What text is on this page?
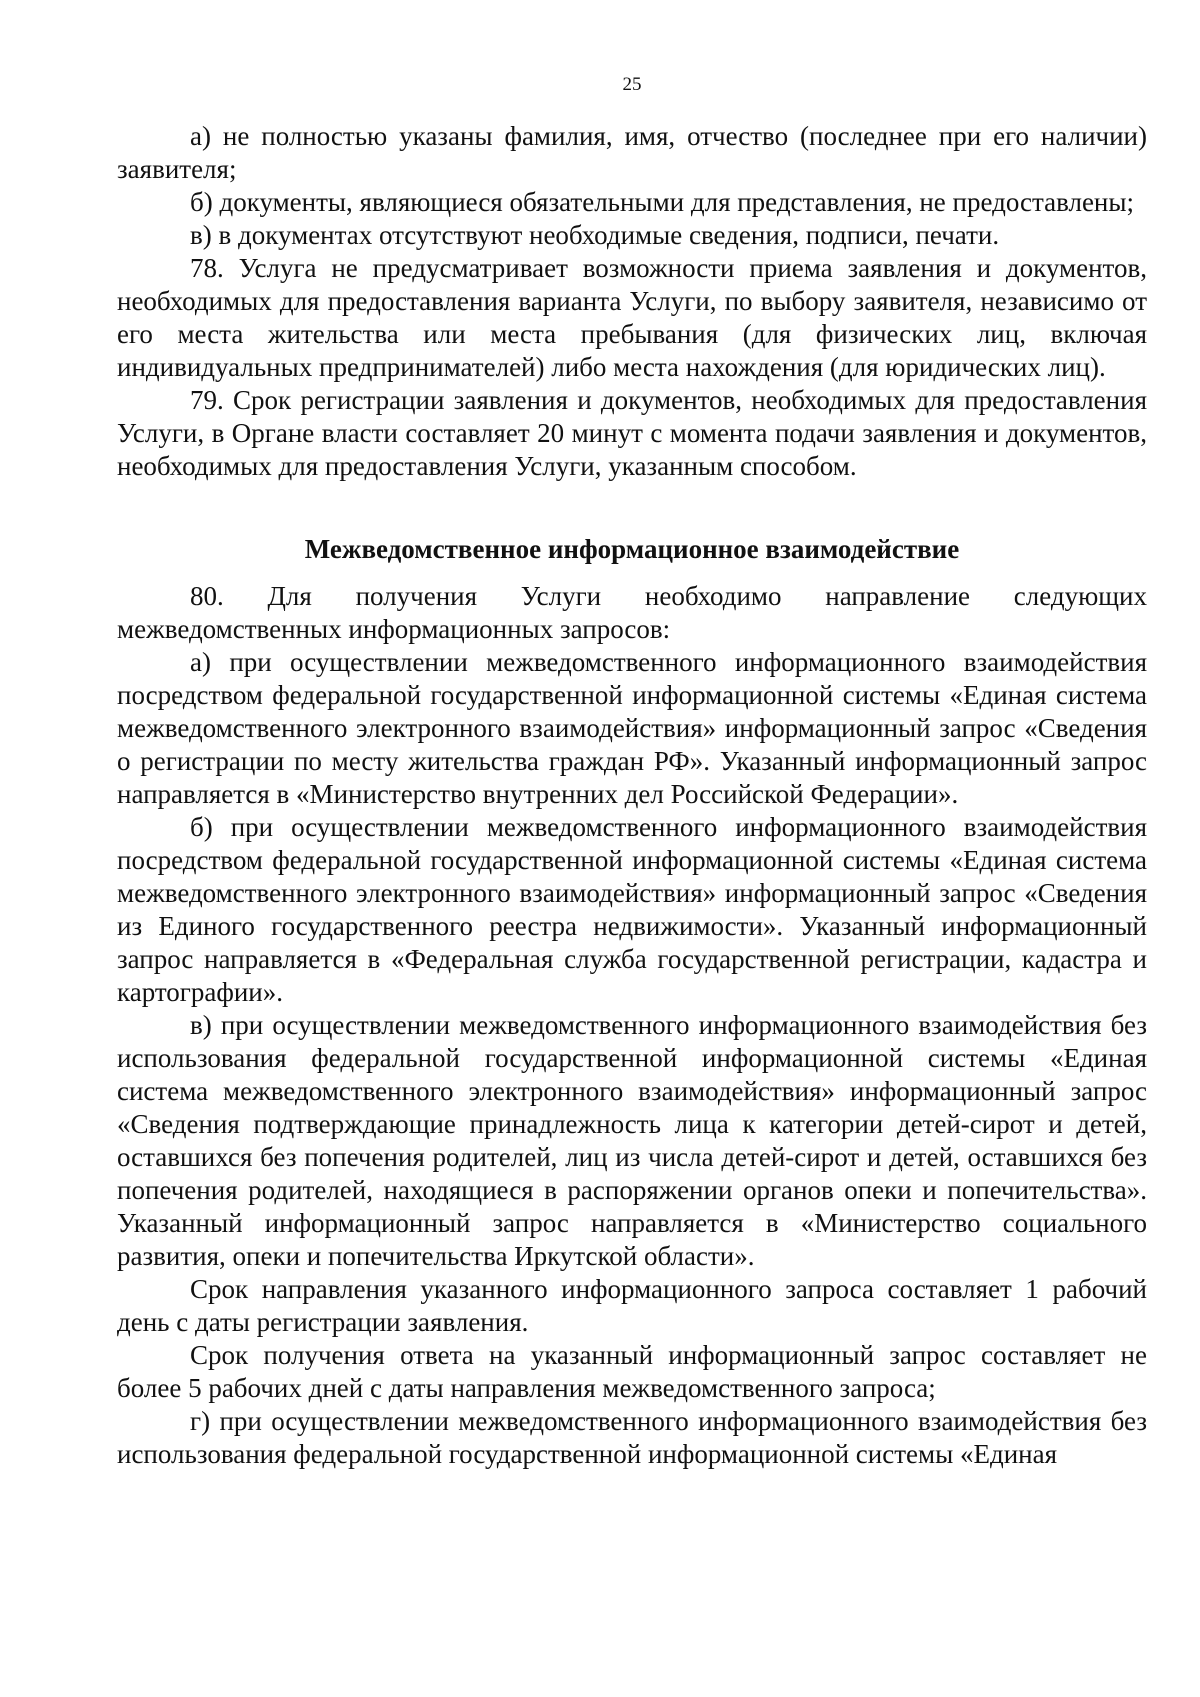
25

а) не полностью указаны фамилия, имя, отчество (последнее при его наличии) заявителя;

б) документы, являющиеся обязательными для представления, не предоставлены;

в) в документах отсутствуют необходимые сведения, подписи, печати.

78. Услуга не предусматривает возможности приема заявления и документов, необходимых для предоставления варианта Услуги, по выбору заявителя, независимо от его места жительства или места пребывания (для физических лиц, включая индивидуальных предпринимателей) либо места нахождения (для юридических лиц).

79. Срок регистрации заявления и документов, необходимых для предоставления Услуги, в Органе власти составляет 20 минут с момента подачи заявления и документов, необходимых для предоставления Услуги, указанным способом.

Межведомственное информационное взаимодействие

80. Для получения Услуги необходимо направление следующих межведомственных информационных запросов:

а) при осуществлении межведомственного информационного взаимодействия посредством федеральной государственной информационной системы «Единая система межведомственного электронного взаимодействия» информационный запрос «Сведения о регистрации по месту жительства граждан РФ». Указанный информационный запрос направляется в «Министерство внутренних дел Российской Федерации».

б) при осуществлении межведомственного информационного взаимодействия посредством федеральной государственной информационной системы «Единая система межведомственного электронного взаимодействия» информационный запрос «Сведения из Единого государственного реестра недвижимости». Указанный информационный запрос направляется в «Федеральная служба государственной регистрации, кадастра и картографии».

в) при осуществлении межведомственного информационного взаимодействия без использования федеральной государственной информационной системы «Единая система межведомственного электронного взаимодействия» информационный запрос «Сведения подтверждающие принадлежность лица к категории детей-сирот и детей, оставшихся без попечения родителей, лиц из числа детей-сирот и детей, оставшихся без попечения родителей, находящиеся в распоряжении органов опеки и попечительства». Указанный информационный запрос направляется в «Министерство социального развития, опеки и попечительства Иркутской области».

Срок направления указанного информационного запроса составляет 1 рабочий день с даты регистрации заявления.

Срок получения ответа на указанный информационный запрос составляет не более 5 рабочих дней с даты направления межведомственного запроса;

г) при осуществлении межведомственного информационного взаимодействия без использования федеральной государственной информационной системы «Единая
